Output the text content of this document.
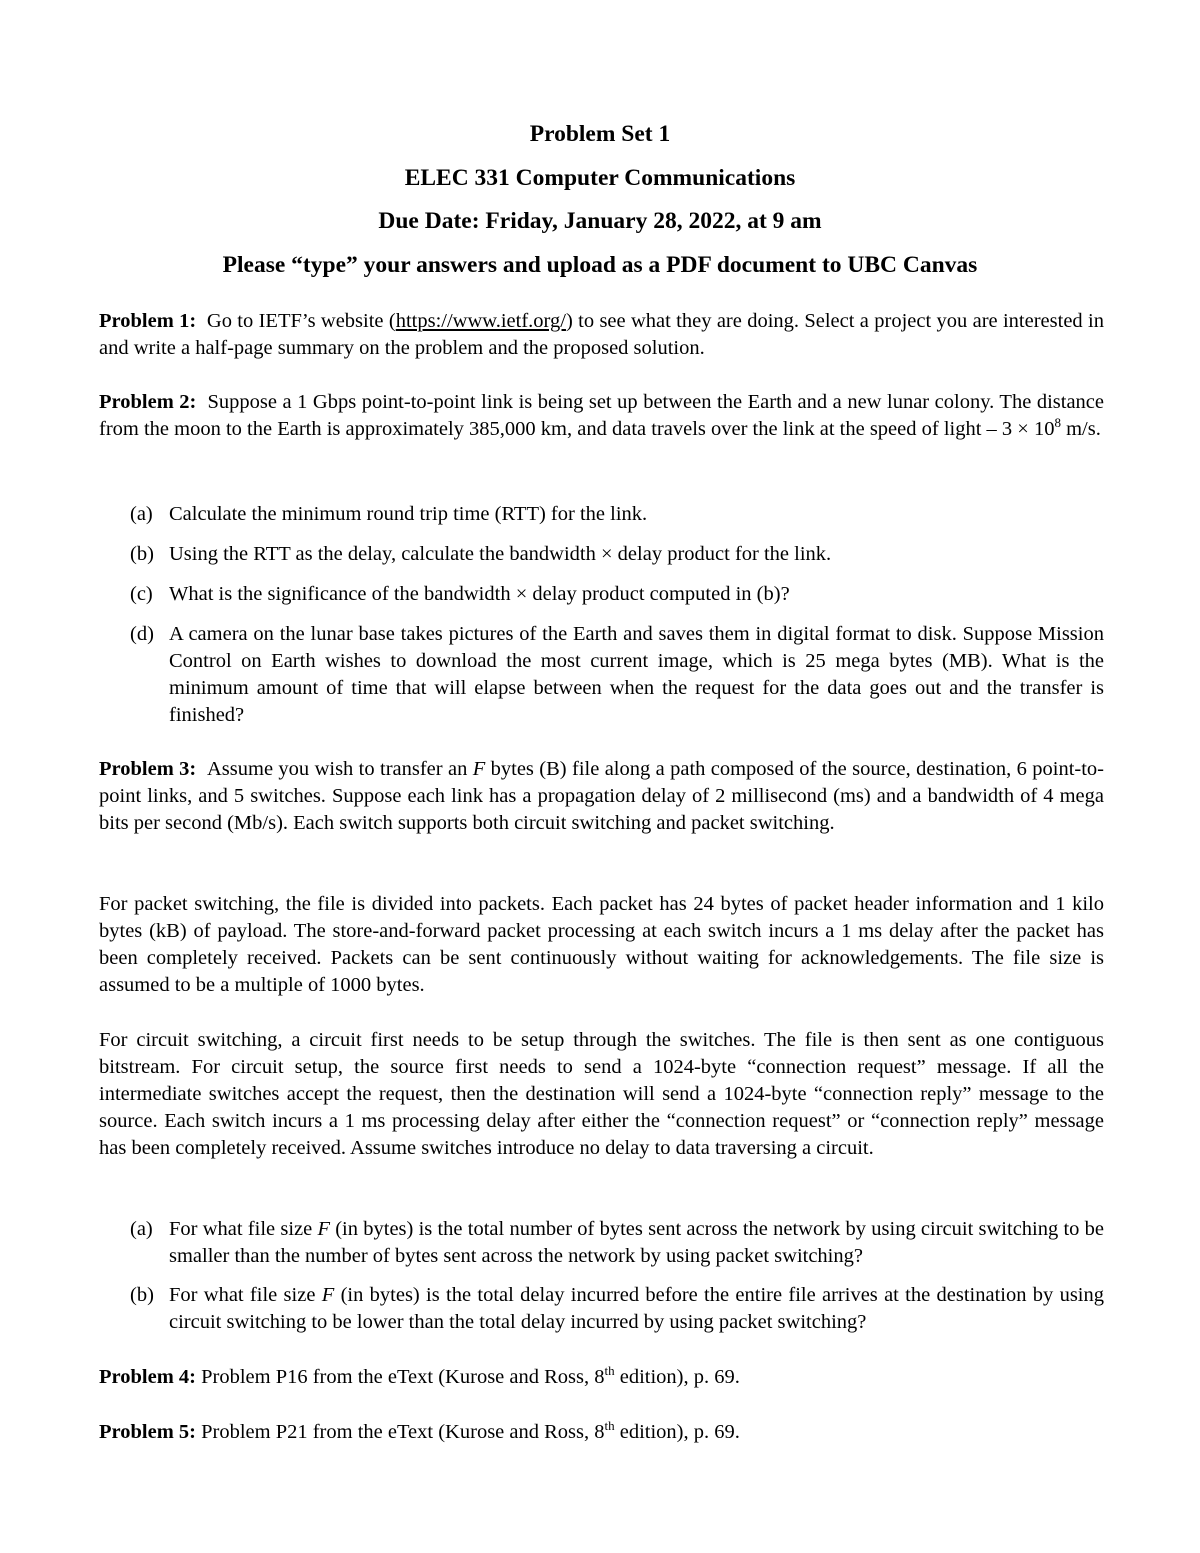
Problem Set 1
ELEC 331 Computer Communications
Due Date: Friday, January 28, 2022, at 9 am
Please “type” your answers and upload as a PDF document to UBC Canvas
Problem 1: Go to IETF’s website (https://www.ietf.org/) to see what they are doing. Select a project you are interested in and write a half-page summary on the problem and the proposed solution.
Problem 2: Suppose a 1 Gbps point-to-point link is being set up between the Earth and a new lunar colony. The distance from the moon to the Earth is approximately 385,000 km, and data travels over the link at the speed of light – $3 \times 10^8$ m/s.
(a) Calculate the minimum round trip time (RTT) for the link.
(b) Using the RTT as the delay, calculate the bandwidth × delay product for the link.
(c) What is the significance of the bandwidth × delay product computed in (b)?
(d) A camera on the lunar base takes pictures of the Earth and saves them in digital format to disk. Suppose Mission Control on Earth wishes to download the most current image, which is 25 mega bytes (MB). What is the minimum amount of time that will elapse between when the request for the data goes out and the transfer is finished?
Problem 3: Assume you wish to transfer an F bytes (B) file along a path composed of the source, destination, 6 point-to-point links, and 5 switches. Suppose each link has a propagation delay of 2 millisecond (ms) and a bandwidth of 4 mega bits per second (Mb/s). Each switch supports both circuit switching and packet switching.
For packet switching, the file is divided into packets. Each packet has 24 bytes of packet header information and 1 kilo bytes (kB) of payload. The store-and-forward packet processing at each switch incurs a 1 ms delay after the packet has been completely received. Packets can be sent continuously without waiting for acknowledgements. The file size is assumed to be a multiple of 1000 bytes.
For circuit switching, a circuit first needs to be setup through the switches. The file is then sent as one contiguous bitstream. For circuit setup, the source first needs to send a 1024-byte “connection request” message. If all the intermediate switches accept the request, then the destination will send a 1024-byte “connection reply” message to the source. Each switch incurs a 1 ms processing delay after either the “connection request” or “connection reply” message has been completely received. Assume switches introduce no delay to data traversing a circuit.
(a) For what file size F (in bytes) is the total number of bytes sent across the network by using circuit switching to be smaller than the number of bytes sent across the network by using packet switching?
(b) For what file size F (in bytes) is the total delay incurred before the entire file arrives at the destination by using circuit switching to be lower than the total delay incurred by using packet switching?
Problem 4: Problem P16 from the eText (Kurose and Ross, 8th edition), p. 69.
Problem 5: Problem P21 from the eText (Kurose and Ross, 8th edition), p. 69.
